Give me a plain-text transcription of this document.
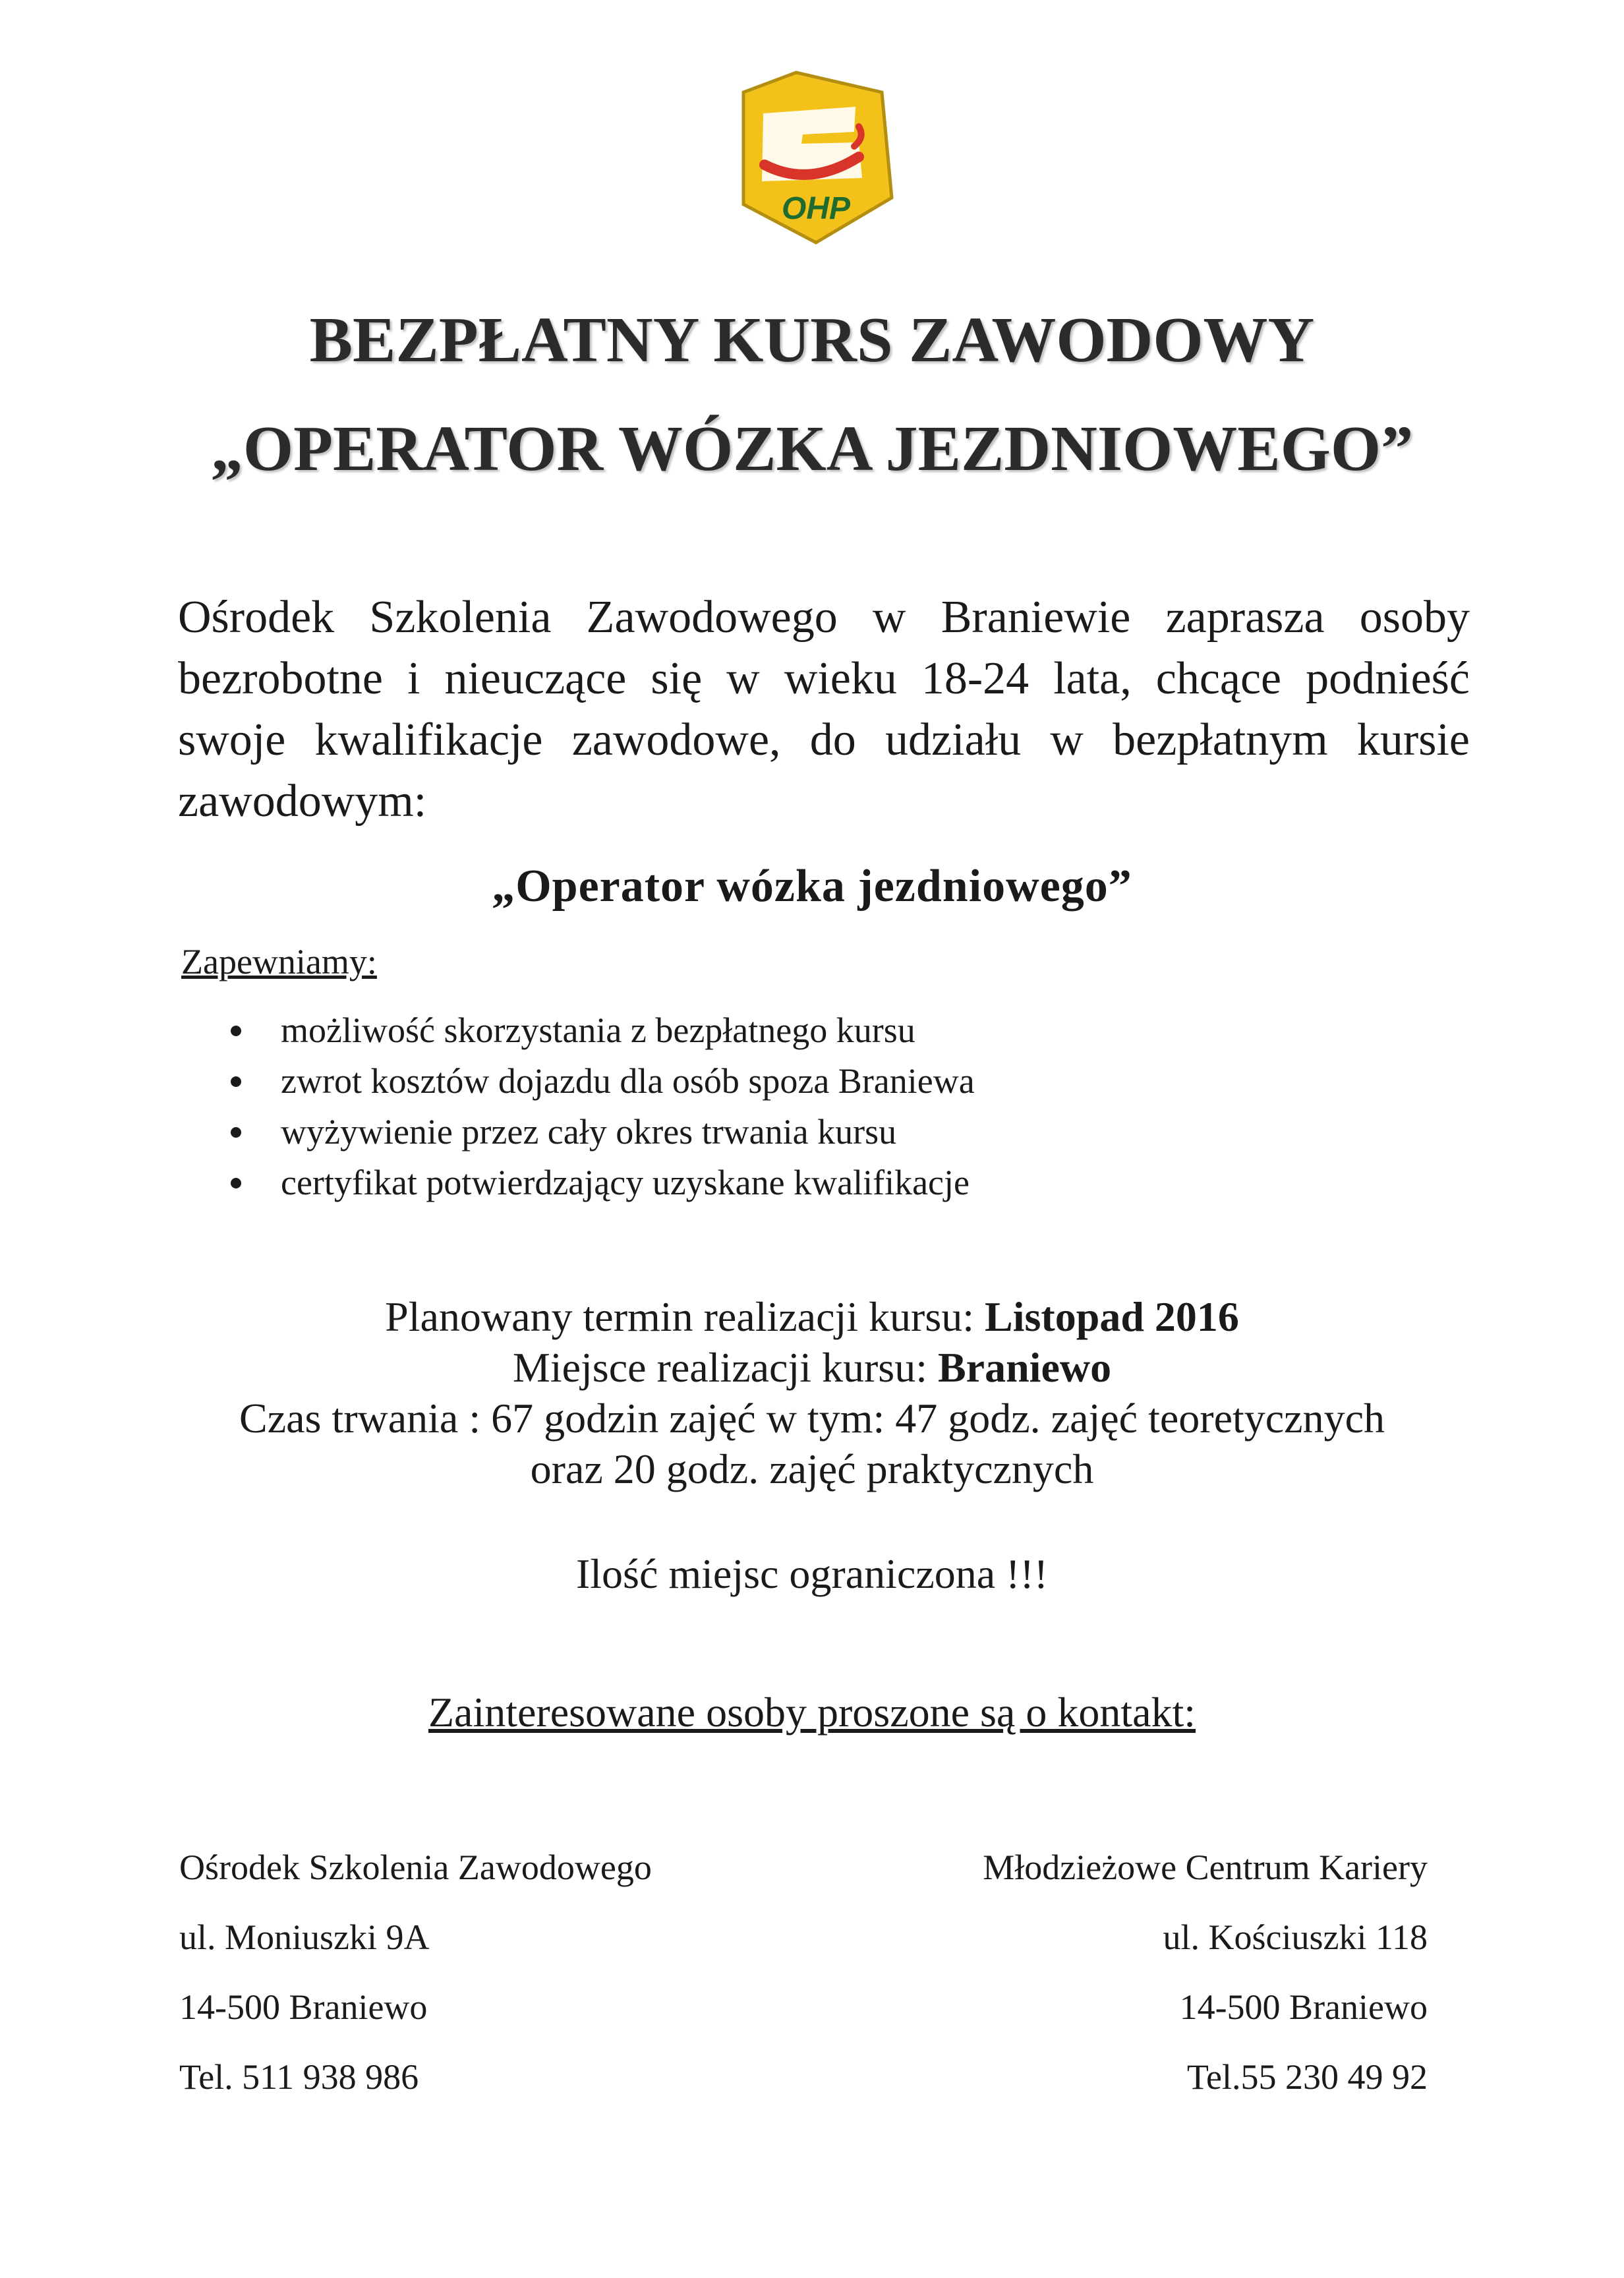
OHP
BEZPŁATNY KURS ZAWODOWY
„OPERATOR WÓZKA JEZDNIOWEGO”
Ośrodek Szkolenia Zawodowego w Braniewie zaprasza osoby bezrobotne i nieuczące się w wieku 18-24 lata, chcące podnieść swoje kwalifikacje zawodowe, do udziału w bezpłatnym kursie zawodowym:
„Operator wózka jezdniowego”
Zapewniamy:
możliwość skorzystania z bezpłatnego kursu
zwrot kosztów dojazdu dla osób spoza Braniewa
wyżywienie przez cały okres trwania kursu
certyfikat potwierdzający uzyskane kwalifikacje
Planowany termin realizacji kursu: Listopad 2016
Miejsce realizacji kursu: Braniewo
Czas trwania : 67 godzin zajęć w tym: 47 godz. zajęć teoretycznych
oraz 20 godz. zajęć praktycznych
Ilość miejsc ograniczona !!!
Zainteresowane osoby proszone są o kontakt:
Ośrodek Szkolenia Zawodowego
ul. Moniuszki 9A
14-500 Braniewo
Tel. 511 938 986
Młodzieżowe Centrum Kariery
ul. Kościuszki 118
14-500 Braniewo
Tel.55 230 49 92
